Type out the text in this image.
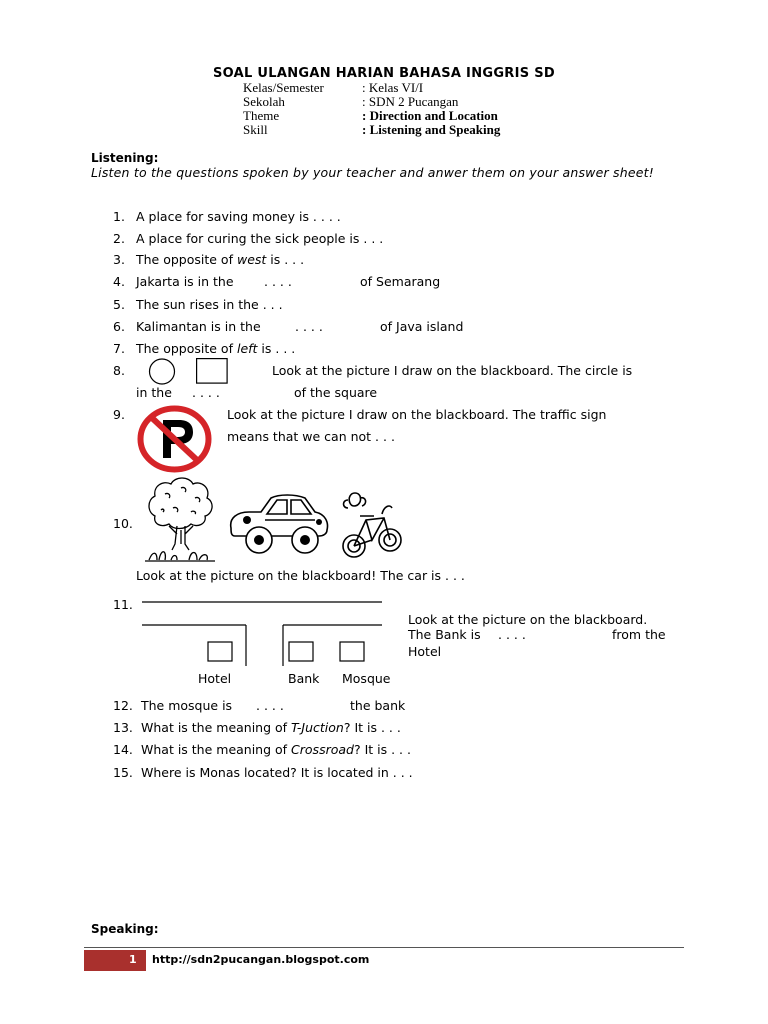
SOAL ULANGAN HARIAN BAHASA INGGRIS SD
Kelas/Semester	: Kelas VI/I
Sekolah	: SDN 2 Pucangan
Theme	: Direction and Location
Skill	: Listening and Speaking
Listening:
Listen to the questions spoken by your teacher and anwer them on your answer sheet!
1. A place for saving money is . . . .
2. A place for curing the sick people is . . .
3. The opposite of west is . . .
4. Jakarta is in the . . . .	of Semarang
5. The sun rises in the . . .
6. Kalimantan is in the	. . . .	of Java island
7. The opposite of left is . . .
8.	Look at the picture I draw on the blackboard. The circle is
in the . . . .	of the square
9.	Look at the picture I draw on the blackboard. The traffic sign
means that we can not . . .
10.
Look at the picture on the blackboard! The car is . . .
11.
Hotel	Bank Mosque
Look at the picture on the blackboard.
The Bank is . . . .	from the
Hotel
12. The mosque is . . . .	the bank
13. What is the meaning of T-Juction? It is . . .
14. What is the meaning of Crossroad? It is . . .
15. Where is Monas located? It is located in . . .
Speaking:
1 http://sdn2pucangan.blogspot.com
